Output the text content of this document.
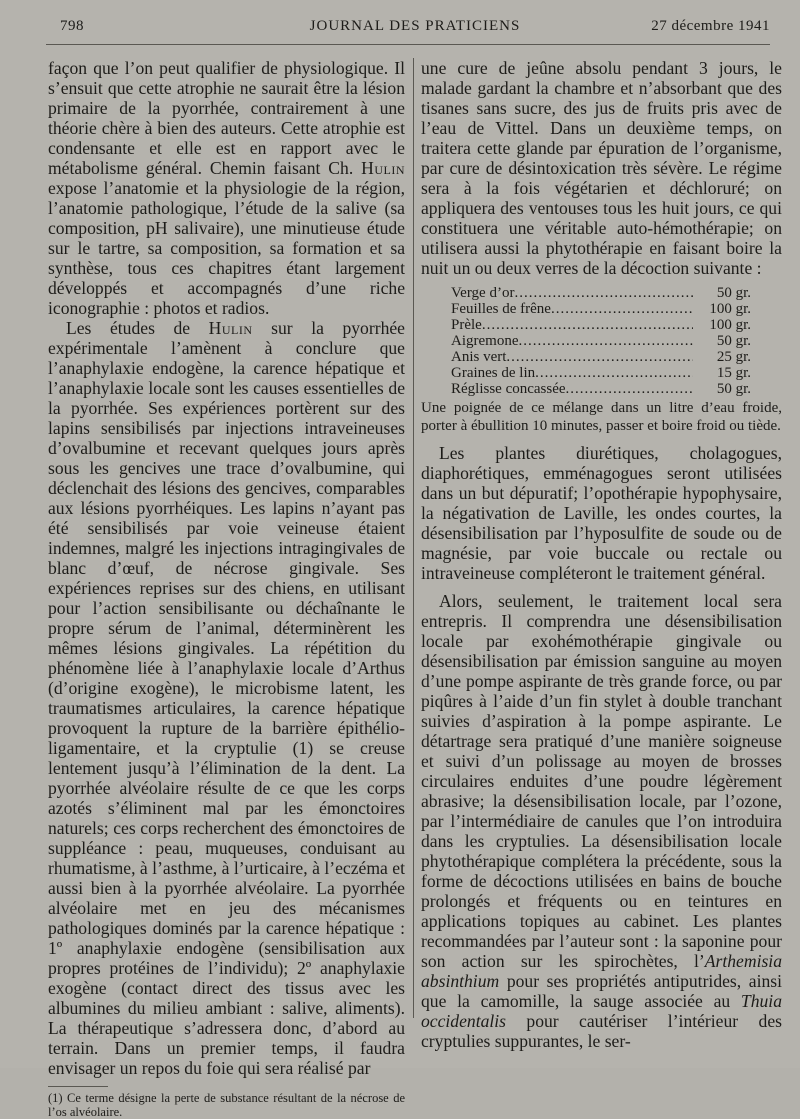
798	JOURNAL DES PRATICIENS	27 décembre 1941

façon que l’on peut qualifier de physiologique. Il s’ensuit que cette atrophie ne saurait être la lésion primaire de la pyorrhée, contrairement à une théorie chère à bien des auteurs. Cette atrophie est condensante et elle est en rapport avec le métabolisme général. Chemin faisant Ch. Hulin expose l’anatomie et la physiologie de la région, l’anatomie pathologique, l’étude de la salive (sa composition, pH salivaire), une minutieuse étude sur le tartre, sa composition, sa formation et sa synthèse, tous ces chapitres étant largement développés et accompagnés d’une riche iconographie : photos et radios.

Les études de Hulin sur la pyorrhée expérimentale l’amènent à conclure que l’anaphylaxie endogène, la carence hépatique et l’anaphylaxie locale sont les causes essentielles de la pyorrhée. Ses expériences portèrent sur des lapins sensibilisés par injections intraveineuses d’ovalbumine et recevant quelques jours après sous les gencives une trace d’ovalbumine, qui déclenchait des lésions des gencives, comparables aux lésions pyorrhéiques. Les lapins n’ayant pas été sensibilisés par voie veineuse étaient indemnes, malgré les injections intragingivales de blanc d’œuf, de nécrose gingivale. Ses expériences reprises sur des chiens, en utilisant pour l’action sensibilisante ou déchaînante le propre sérum de l’animal, déterminèrent les mêmes lésions gingivales. La répétition du phénomène liée à l’anaphylaxie locale d’Arthus (d’origine exogène), le microbisme latent, les traumatismes articulaires, la carence hépatique provoquent la rupture de la barrière épithélio-ligamentaire, et la cryptulie (1) se creuse lentement jusqu’à l’élimination de la dent. La pyorrhée alvéolaire résulte de ce que les corps azotés s’éliminent mal par les émonctoires naturels; ces corps recherchent des émonctoires de suppléance : peau, muqueuses, conduisant au rhumatisme, à l’asthme, à l’urticaire, à l’eczéma et aussi bien à la pyorrhée alvéolaire. La pyorrhée alvéolaire met en jeu des mécanismes pathologiques dominés par la carence hépatique : 1º anaphylaxie endogène (sensibilisation aux propres protéines de l’individu); 2º anaphylaxie exogène (contact direct des tissus avec les albumines du milieu ambiant : salive, aliments). La thérapeutique s’adressera donc, d’abord au terrain. Dans un premier temps, il faudra envisager un repos du foie qui sera réalisé par

(1) Ce terme désigne la perte de substance résultant de la nécrose de l’os alvéolaire.

une cure de jeûne absolu pendant 3 jours, le malade gardant la chambre et n’absorbant que des tisanes sans sucre, des jus de fruits pris avec de l’eau de Vittel. Dans un deuxième temps, on traitera cette glande par épuration de l’organisme, par cure de désintoxication très sévère. Le régime sera à la fois végétarien et déchloruré; on appliquera des ventouses tous les huit jours, ce qui constituera une véritable auto-hémothérapie; on utilisera aussi la phytothérapie en faisant boire la nuit un ou deux verres de la décoction suivante :

Verge d’or .....	50 gr.
Feuilles de frêne .....	100 gr.
Prèle .....	100 gr.
Aigremone .....	50 gr.
Anis vert .....	25 gr.
Graines de lin .....	15 gr.
Réglisse concassée .....	50 gr.

Une poignée de ce mélange dans un litre d’eau froide, porter à ébullition 10 minutes, passer et boire froid ou tiède.

Les plantes diurétiques, cholagogues, diaphorétiques, emménagogues seront utilisées dans un but dépuratif; l’opothérapie hypophysaire, la négativation de Laville, les ondes courtes, la désensibilisation par l’hyposulfite de soude ou de magnésie, par voie buccale ou rectale ou intraveineuse compléteront le traitement général.

Alors, seulement, le traitement local sera entrepris. Il comprendra une désensibilisation locale par exohémothérapie gingivale ou désensibilisation par émission sanguine au moyen d’une pompe aspirante de très grande force, ou par piqûres à l’aide d’un fin stylet à double tranchant suivies d’aspiration à la pompe aspirante. Le détartrage sera pratiqué d’une manière soigneuse et suivi d’un polissage au moyen de brosses circulaires enduites d’une poudre légèrement abrasive; la désensibilisation locale, par l’ozone, par l’intermédiaire de canules que l’on introduira dans les cryptulies. La désensibilisation locale phytothérapique complétera la précédente, sous la forme de décoctions utilisées en bains de bouche prolongés et fréquents ou en teintures en applications topiques au cabinet. Les plantes recommandées par l’auteur sont : la saponine pour son action sur les spirochètes, l’Arthemisia absinthium pour ses propriétés antiputrides, ainsi que la camomille, la sauge associée au Thuia occidentalis pour cautériser l’intérieur des cryptulies suppurantes, le ser-
